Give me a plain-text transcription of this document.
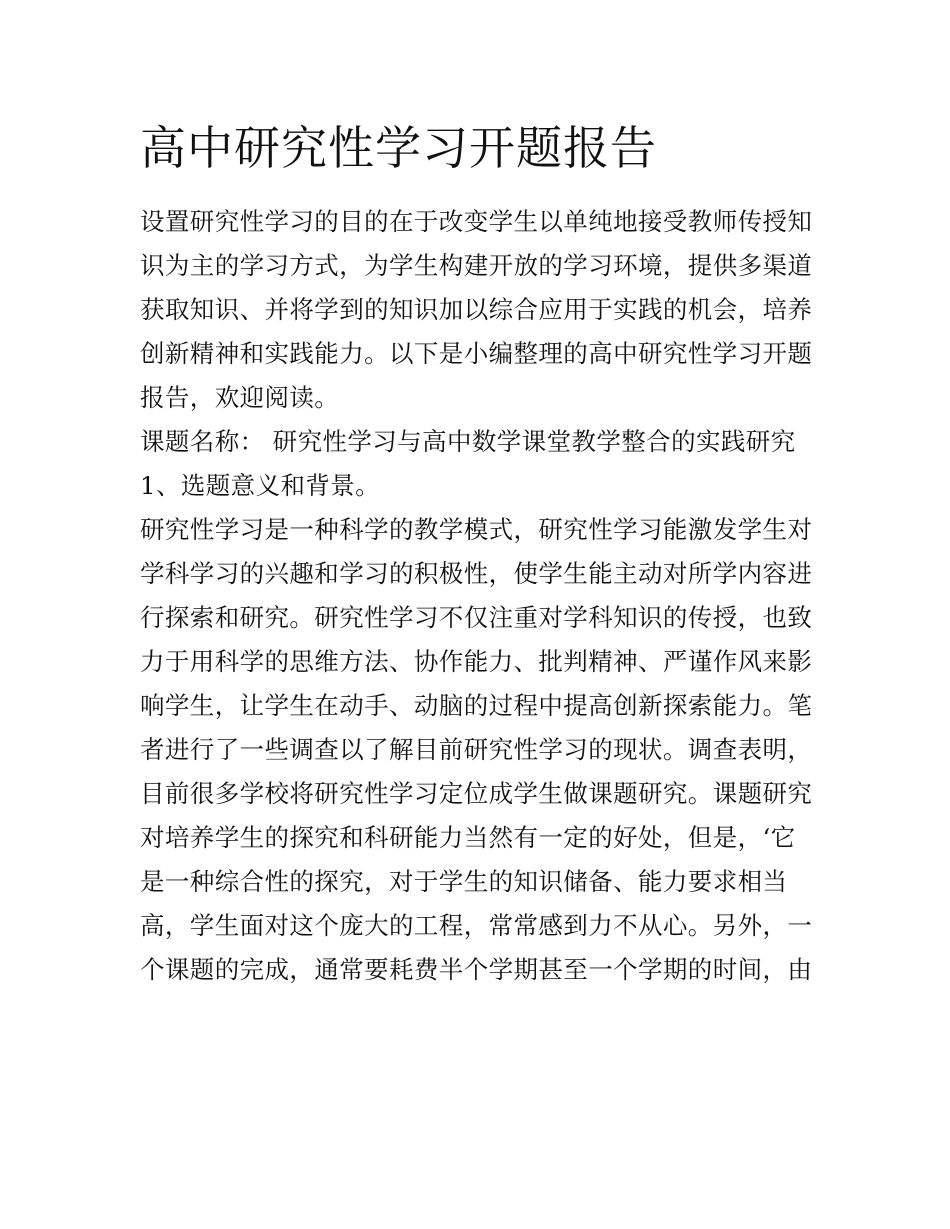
高中研究性学习开题报告
设置研究性学习的目的在于改变学生以单纯地接受教师传授知
识为主的学习方式，为学生构建开放的学习环境，提供多渠道
获取知识、并将学到的知识加以综合应用于实践的机会，培养
创新精神和实践能力。以下是小编整理的高中研究性学习开题
报告，欢迎阅读。
课题名称： 研究性学习与高中数学课堂教学整合的实践研究
1、选题意义和背景。
研究性学习是一种科学的教学模式，研究性学习能激发学生对
学科学习的兴趣和学习的积极性，使学生能主动对所学内容进
行探索和研究。研究性学习不仅注重对学科知识的传授，也致
力于用科学的思维方法、协作能力、批判精神、严谨作风来影
响学生，让学生在动手、动脑的过程中提高创新探索能力。笔
者进行了一些调查以了解目前研究性学习的现状。调查表明，
目前很多学校将研究性学习定位成学生做课题研究。课题研究
对培养学生的探究和科研能力当然有一定的好处，但是，‘它
是一种综合性的探究，对于学生的知识储备、能力要求相当
高，学生面对这个庞大的工程，常常感到力不从心。另外，一
个课题的完成，通常要耗费半个学期甚至一个学期的时间，由
